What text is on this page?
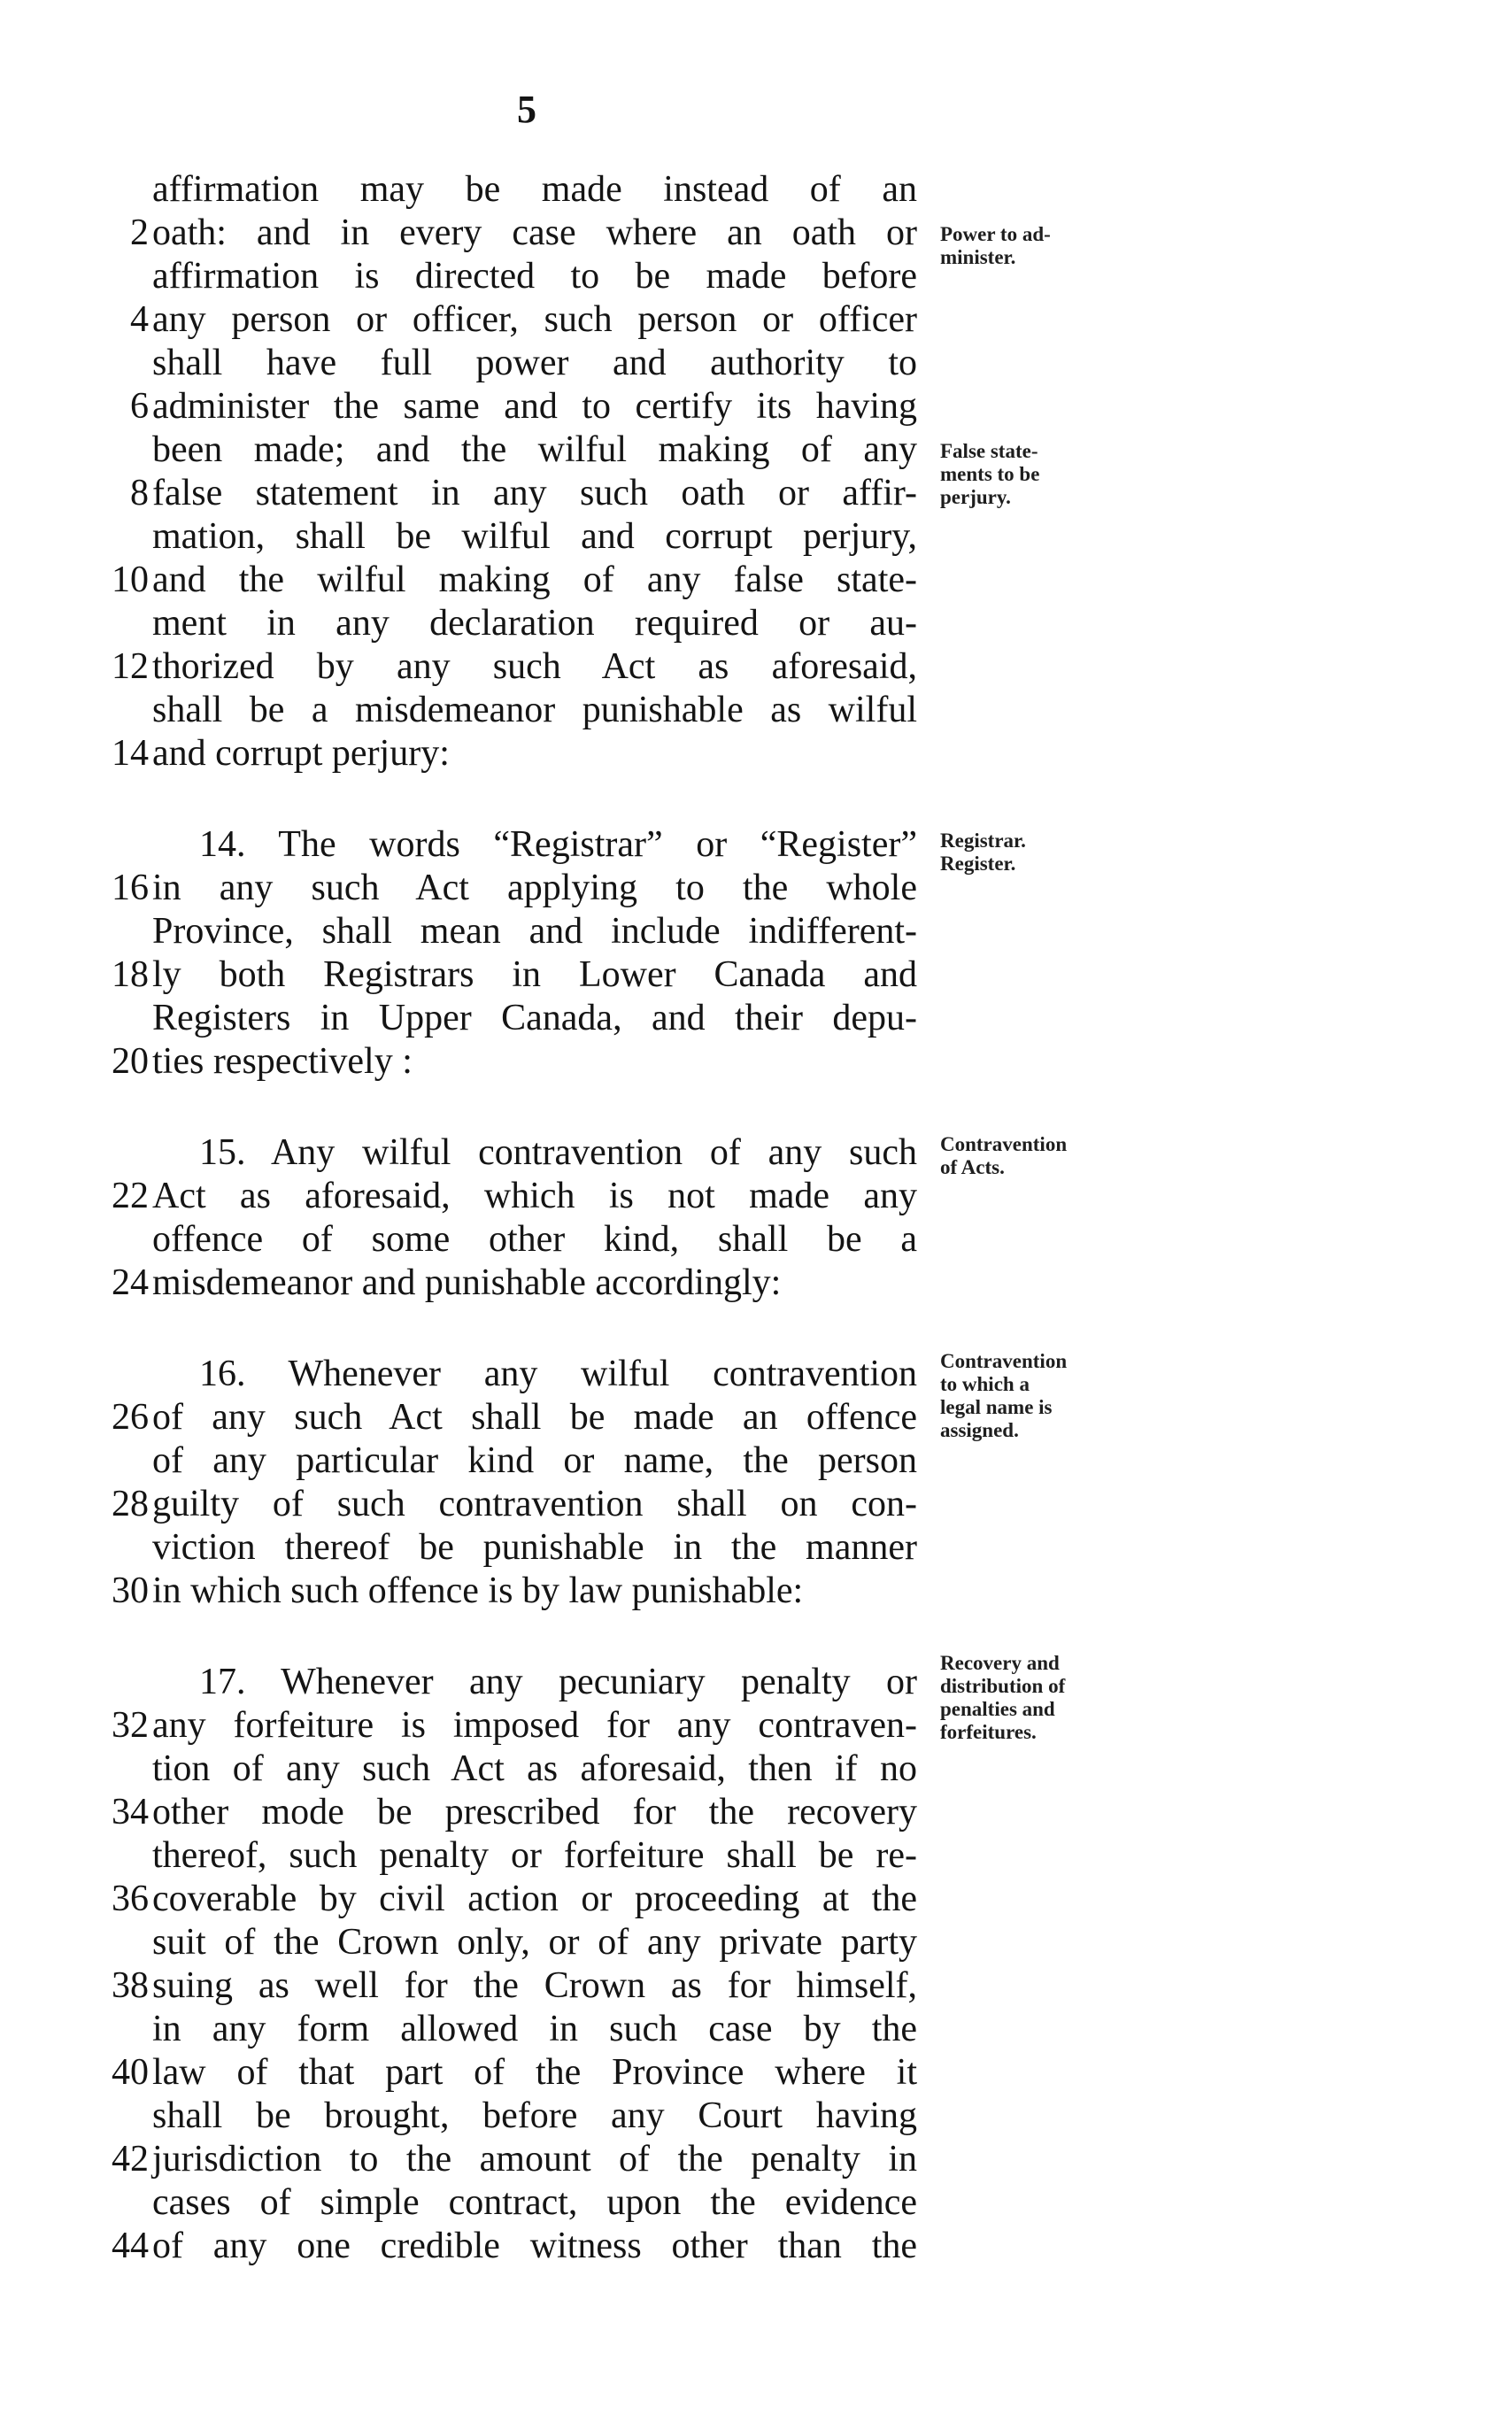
5
affirmation may be made instead of an
2 oath: and in every case where an oath or
affirmation is directed to be made before
4 any person or officer, such person or officer
shall have full power and authority to
6 administer the same and to certify its having
been made; and the wilful making of any
8 false statement in any such oath or affir-
mation, shall be wilful and corrupt perjury,
10 and the wilful making of any false state-
ment in any declaration required or au-
12 thorized by any such Act as aforesaid,
shall be a misdemeanor punishable as wilful
14 and corrupt perjury:
14. The words “Registrar” or “Register”
16 in any such Act applying to the whole
Province, shall mean and include indifferent-
18 ly both Registrars in Lower Canada and
Registers in Upper Canada, and their depu-
20 ties respectively :
15. Any wilful contravention of any such
22 Act as aforesaid, which is not made any
offence of some other kind, shall be a
24 misdemeanor and punishable accordingly:
16. Whenever any wilful contravention
26 of any such Act shall be made an offence
of any particular kind or name, the person
28 guilty of such contravention shall on con-
viction thereof be punishable in the manner
30 in which such offence is by law punishable:
17. Whenever any pecuniary penalty or
32 any forfeiture is imposed for any contraven-
tion of any such Act as aforesaid, then if no
34 other mode be prescribed for the recovery
thereof, such penalty or forfeiture shall be re-
36 coverable by civil action or proceeding at the
suit of the Crown only, or of any private party
38 suing as well for the Crown as for himself,
in any form allowed in such case by the
40 law of that part of the Province where it
shall be brought, before any Court having
42 jurisdiction to the amount of the penalty in
cases of simple contract, upon the evidence
44 of any one credible witness other than the
Power to ad-
minister.
False state-
ments to be
perjury.
Registrar.
Register.
Contravention
of Acts.
Contravention
to which a
legal name is
assigned.
Recovery and
distribution of
penalties and
forfeitures.
